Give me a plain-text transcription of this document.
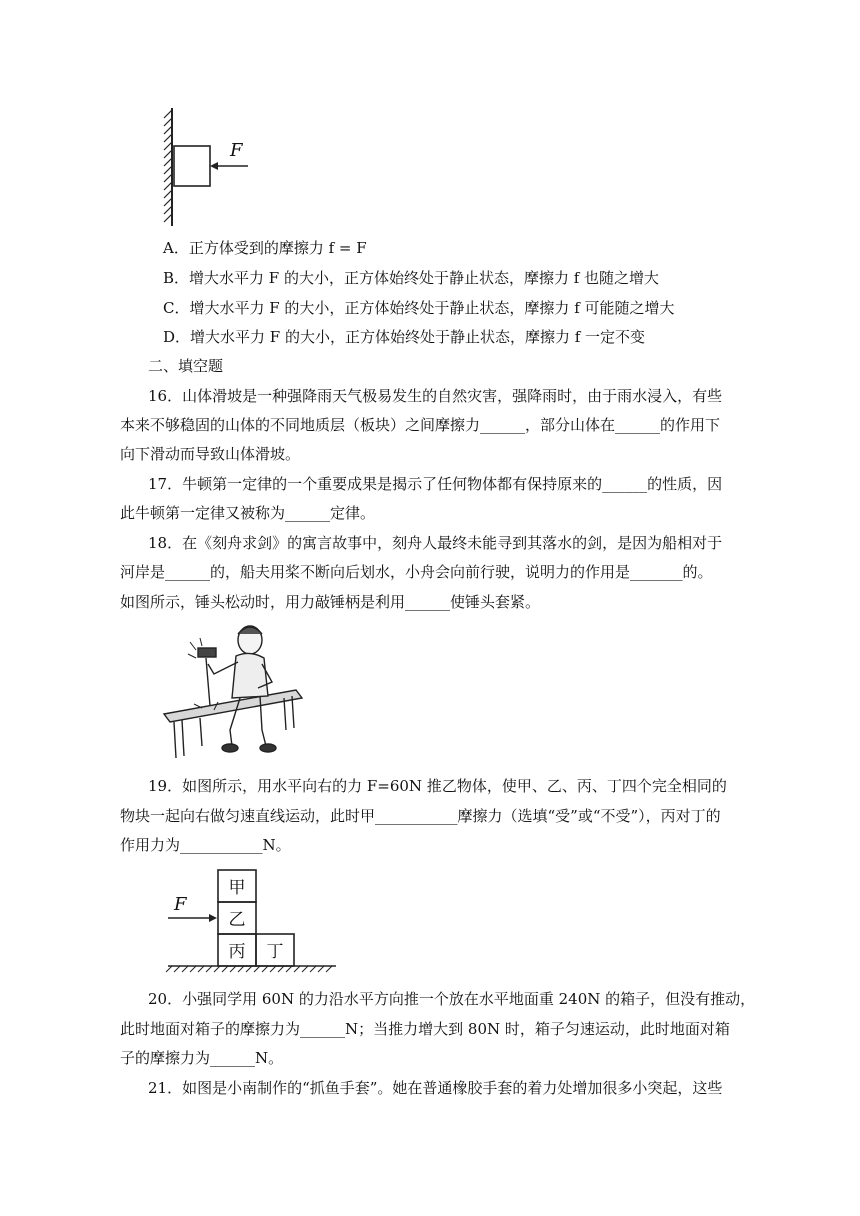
F
A．正方体受到的摩擦力 f = F
B．增大水平力 F 的大小，正方体始终处于静止状态，摩擦力 f 也随之增大
C．增大水平力 F 的大小，正方体始终处于静止状态，摩擦力 f 可能随之增大
D．增大水平力 F 的大小，正方体始终处于静止状态，摩擦力 f 一定不变
二、填空题
16．山体滑坡是一种强降雨天气极易发生的自然灾害，强降雨时，由于雨水浸入，有些
本来不够稳固的山体的不同地质层（板块）之间摩擦力______，部分山体在______的作用下
向下滑动而导致山体滑坡。
17．牛顿第一定律的一个重要成果是揭示了任何物体都有保持原来的______的性质，因
此牛顿第一定律又被称为______定律。
18．在《刻舟求剑》的寓言故事中，刻舟人最终未能寻到其落水的剑，是因为船相对于
河岸是______的，船夫用桨不断向后划水，小舟会向前行驶，说明力的作用是_______的。
如图所示，锤头松动时，用力敲锤柄是利用______使锤头套紧。
19．如图所示，用水平向右的力 F=60N 推乙物体，使甲、乙、丙、丁四个完全相同的
物块一起向右做匀速直线运动，此时甲___________摩擦力（选填“受”或“不受”），丙对丁的
作用力为___________N。
F
甲
乙
丙 丁
20．小强同学用 60N 的力沿水平方向推一个放在水平地面重 240N 的箱子，但没有推动，
此时地面对箱子的摩擦力为______N；当推力增大到 80N 时，箱子匀速运动，此时地面对箱
子的摩擦力为______N。
21．如图是小南制作的“抓鱼手套”。她在普通橡胶手套的着力处增加很多小突起，这些
